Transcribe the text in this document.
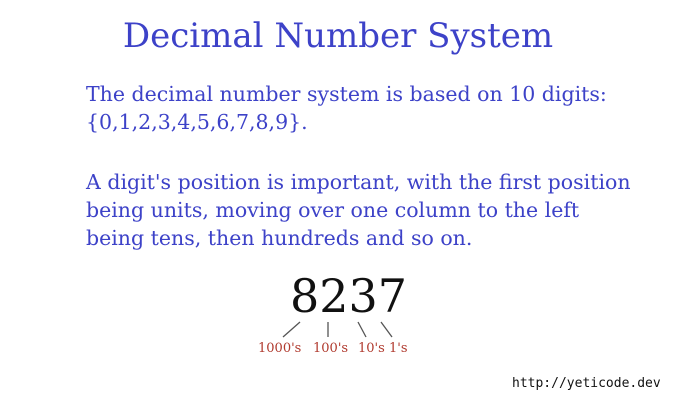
Decimal Number System
The decimal number system is based on 10 digits:
{0,1,2,3,4,5,6,7,8,9}.
A digit's position is important, with the first position
being units, moving over one column to the left
being tens, then hundreds and so on.
8237
1000's 100's 10's 1's
http://yeticode.dev
